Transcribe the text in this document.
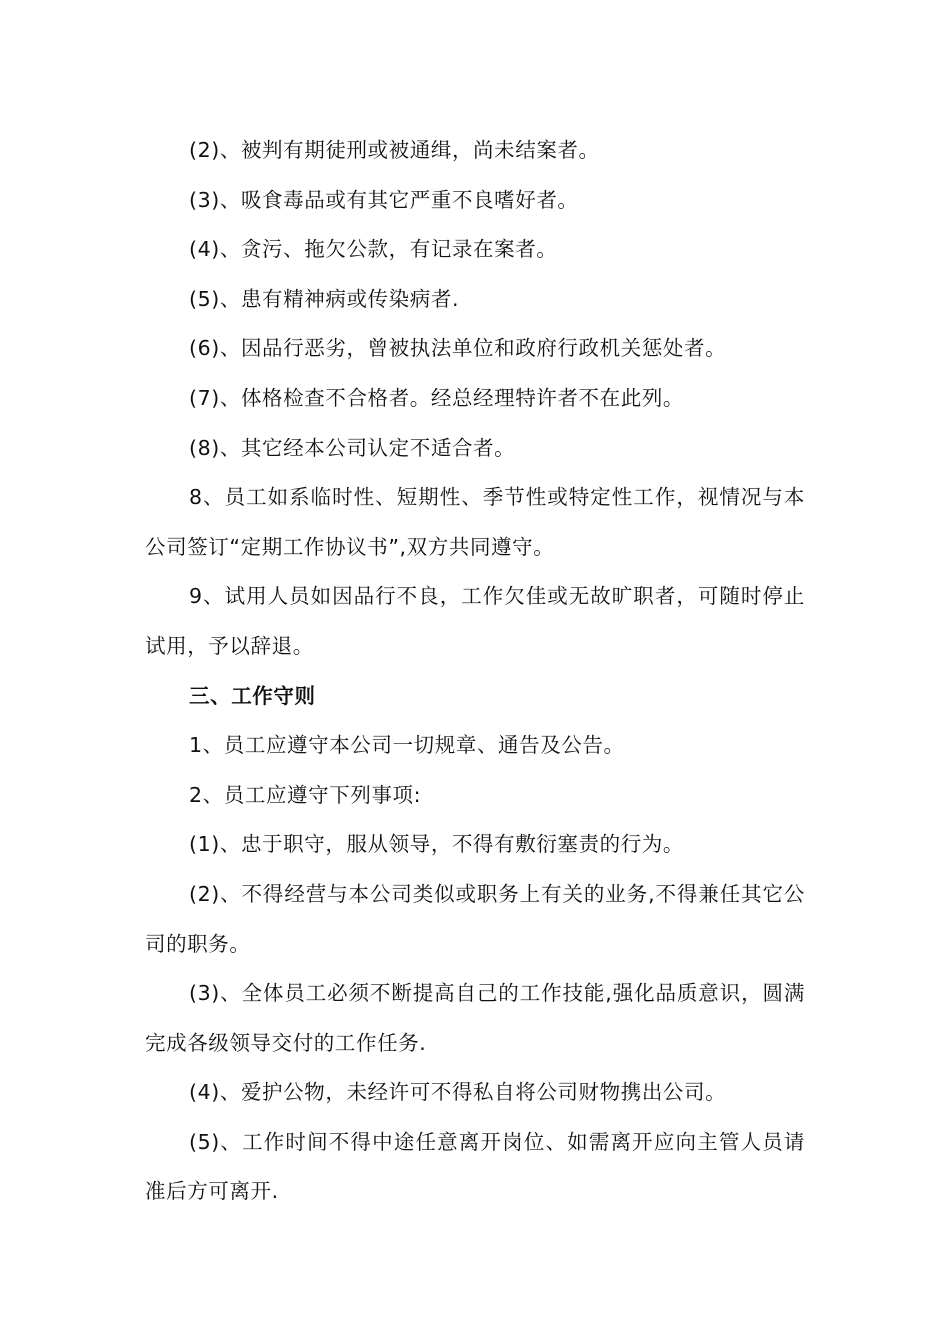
(2)、被判有期徒刑或被通缉，尚未结案者。

(3)、吸食毒品或有其它严重不良嗜好者。

(4)、贪污、拖欠公款，有记录在案者。

(5)、患有精神病或传染病者.

(6)、因品行恶劣，曾被执法单位和政府行政机关惩处者。

(7)、体格检查不合格者。经总经理特许者不在此列。

(8)、其它经本公司认定不适合者。

8、员工如系临时性、短期性、季节性或特定性工作，视情况与本公司签订“定期工作协议书”,双方共同遵守。

9、试用人员如因品行不良，工作欠佳或无故旷职者，可随时停止试用，予以辞退。

三、工作守则

1、员工应遵守本公司一切规章、通告及公告。

2、员工应遵守下列事项:

(1)、忠于职守，服从领导，不得有敷衍塞责的行为。

(2)、不得经营与本公司类似或职务上有关的业务,不得兼任其它公司的职务。

(3)、全体员工必须不断提高自己的工作技能,强化品质意识，圆满完成各级领导交付的工作任务.

(4)、爱护公物，未经许可不得私自将公司财物携出公司。

(5)、工作时间不得中途任意离开岗位、如需离开应向主管人员请准后方可离开.
